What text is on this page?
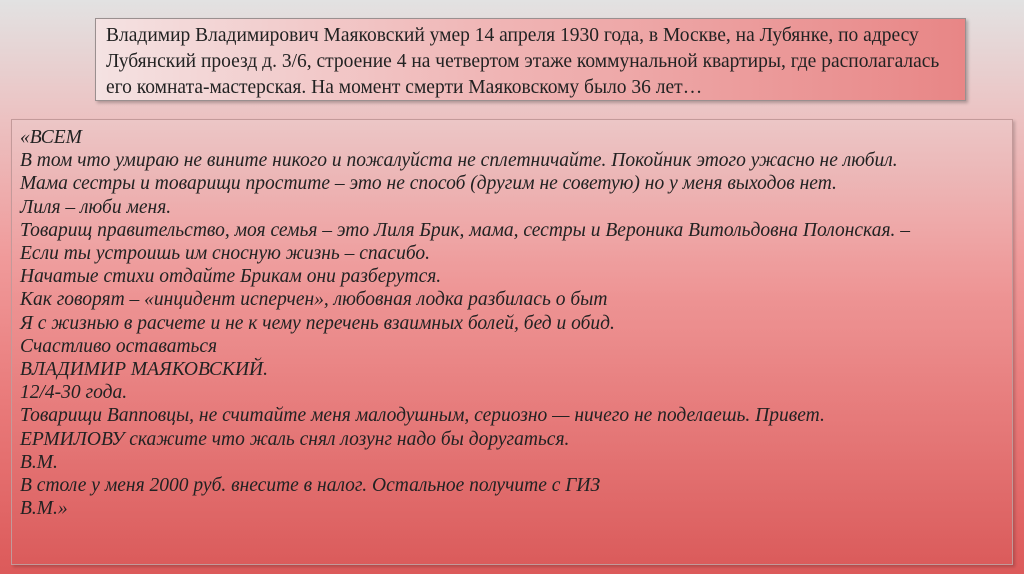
Владимир Владимирович Маяковский умер 14 апреля 1930 года, в Москве, на Лубянке, по адресу Лубянский проезд д. 3/6, строение 4 на четвертом этаже коммунальной квартиры, где располагалась его комната-мастерская. На момент смерти Маяковскому было 36 лет…

«ВСЕМ
В том что умираю не вините никого и пожалуйста не сплетничайте. Покойник этого ужасно не любил.
Мама сестры и товарищи простите – это не способ (другим не советую) но у меня выходов нет.
Лиля – люби меня.
Товарищ правительство, моя семья – это Лиля Брик, мама, сестры и Вероника Витольдовна Полонская. –
Если ты устроишь им сносную жизнь – спасибо.
Начатые стихи отдайте Брикам они разберутся.
Как говорят – «инцидент исперчен», любовная лодка разбилась о быт
Я с жизнью в расчете и не к чему перечень взаимных болей, бед и обид.
Счастливо оставаться
ВЛАДИМИР МАЯКОВСКИЙ.
12/4-30 года.
Товарищи Вапповцы, не считайте меня малодушным, сериозно — ничего не поделаешь. Привет.
ЕРМИЛОВУ скажите что жаль снял лозунг надо бы доругаться.
В.М.
В столе у меня 2000 руб. внесите в налог. Остальное получите с ГИЗ
В.М.»
